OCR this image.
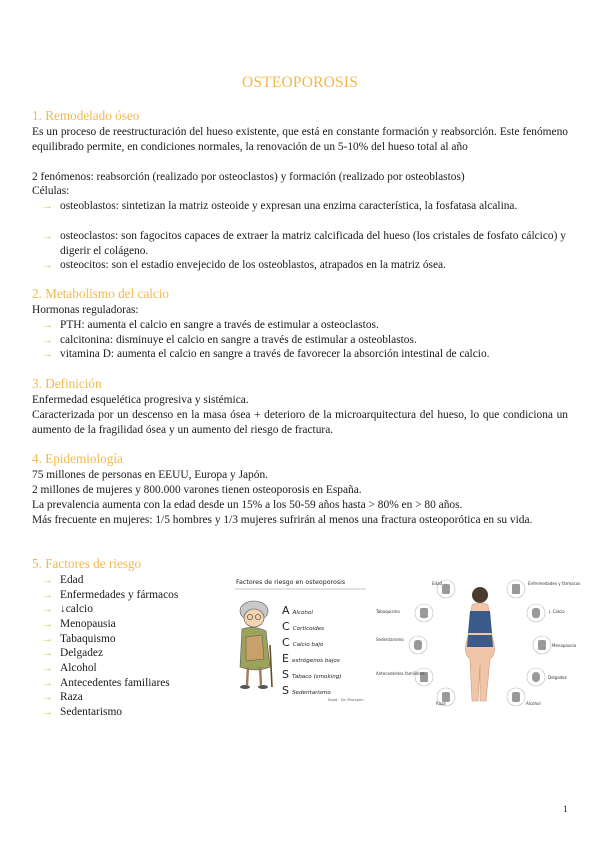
OSTEOPOROSIS
1. Remodelado óseo
Es un proceso de reestructuración del hueso existente, que está en constante formación y reabsorción. Este fenómeno equilibrado permite, en condiciones normales, la renovación de un 5-10% del hueso total al año
2 fenómenos: reabsorción (realizado por osteoclastos) y formación (realizado por osteoblastos)
Células:
→ osteoblastos: sintetizan la matriz osteoide y expresan una enzima característica, la fosfatasa alcalina.
→ osteoclastos: son fagocitos capaces de extraer la matriz calcificada del hueso (los cristales de fosfato cálcico) y digerir el colágeno.
→ osteocitos: son el estadio envejecido de los osteoblastos, atrapados en la matriz ósea.
2. Metabolismo del calcio
Hormonas reguladoras:
→ PTH: aumenta el calcio en sangre a través de estimular a osteoclastos.
→ calcitonina: disminuye el calcio en sangre a través de estimular a osteoblastos.
→ vitamina D: aumenta el calcio en sangre a través de favorecer la absorción intestinal de calcio.
3. Definición
Enfermedad esquelética progresiva y sistémica.
Caracterizada por un descenso en la masa ósea + deterioro de la microarquitectura del hueso, lo que condiciona un aumento de la fragilidad ósea y un aumento del riesgo de fractura.
4. Epidemiología
75 millones de personas en EEUU, Europa y Japón.
2 millones de mujeres y 800.000 varones tienen osteoporosis en España.
La prevalencia aumenta con la edad desde un 15% a los 50-59 años hasta > 80% en > 80 años.
Más frecuente en mujeres: 1/5 hombres y 1/3 mujeres sufrirán al menos una fractura osteoporótica en su vida.
5. Factores de riesgo
→ Edad
→ Enfermedades y fármacos
→ ↓calcio
→ Menopausia
→ Tabaquismo
→ Delgadez
→ Alcohol
→ Antecedentes familiares
→ Raza
→ Sedentarismo
Factores de riesgo en osteoporosis
A Alcohol
C Corticoides
C Calcio bajo
Eestrógenos bajos
S Tabaco (smoking)
S Sedentarismo
Sajid · Dr. Mursalin
Edad	Enfermedades y fármacos
↓ Calcio
Menopausia
Delgadez
Alcohol
Raza
Antecedentes familiares
Sedentarismo
Tabaquismo
1
